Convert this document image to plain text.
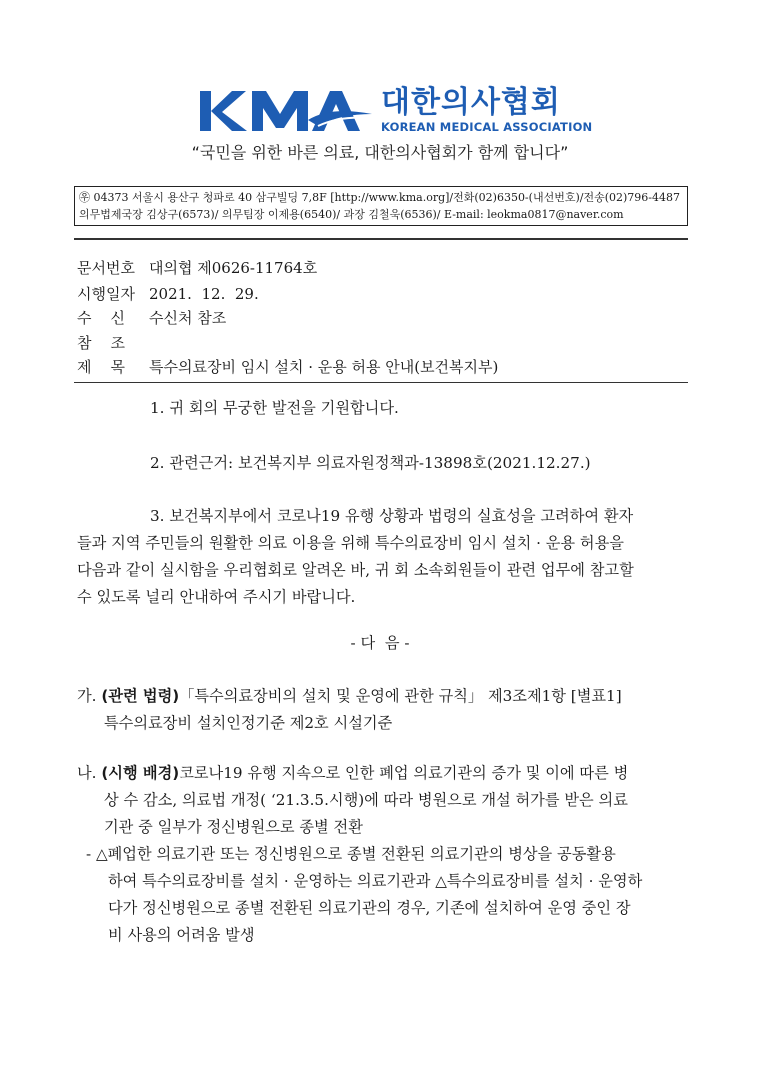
대한의사협회
KOREAN MEDICAL ASSOCIATION
“국민을 위한 바른 의료, 대한의사협회가 함께 합니다”
㉾ 04373 서울시 용산구 청파로 40 삼구빌딩 7,8F [http://www.kma.org]/전화(02)6350-(내선번호)/전송(02)796-4487
의무법제국장 김상구(6573)/ 의무팀장 이제용(6540)/ 과장 김철욱(6536)/ E-mail: leokma0817@naver.com
문서번호 대의협 제0626-11764호
시행일자 2021.  12.  29.
수    신 수신처 참조
참    조
제    목 특수의료장비 임시 설치 · 운용 허용 안내(보건복지부)
1. 귀 회의 무궁한 발전을 기원합니다.
2. 관련근거: 보건복지부 의료자원정책과-13898호(2021.12.27.)
3. 보건복지부에서 코로나19 유행 상황과 법령의 실효성을 고려하여 환자
들과 지역 주민들의 원활한 의료 이용을 위해 특수의료장비 임시 설치 · 운용 허용을
다음과 같이 실시함을 우리협회로 알려온 바, 귀 회 소속회원들이 관련 업무에 참고할
수 있도록 널리 안내하여 주시기 바랍니다.
- 다  음 -
가. (관련 법령)「특수의료장비의 설치 및 운영에 관한 규칙」 제3조제1항 [별표1]
특수의료장비 설치인정기준 제2호 시설기준
나. (시행 배경)코로나19 유행 지속으로 인한 폐업 의료기관의 증가 및 이에 따른 병
상 수 감소, 의료법 개정( ‘21.3.5.시행)에 따라 병원으로 개설 허가를 받은 의료
기관 중 일부가 정신병원으로 종별 전환
- △폐업한 의료기관 또는 정신병원으로 종별 전환된 의료기관의 병상을 공동활용
하여 특수의료장비를 설치 · 운영하는 의료기관과 △특수의료장비를 설치 · 운영하
다가 정신병원으로 종별 전환된 의료기관의 경우, 기존에 설치하여 운영 중인 장
비 사용의 어려움 발생
